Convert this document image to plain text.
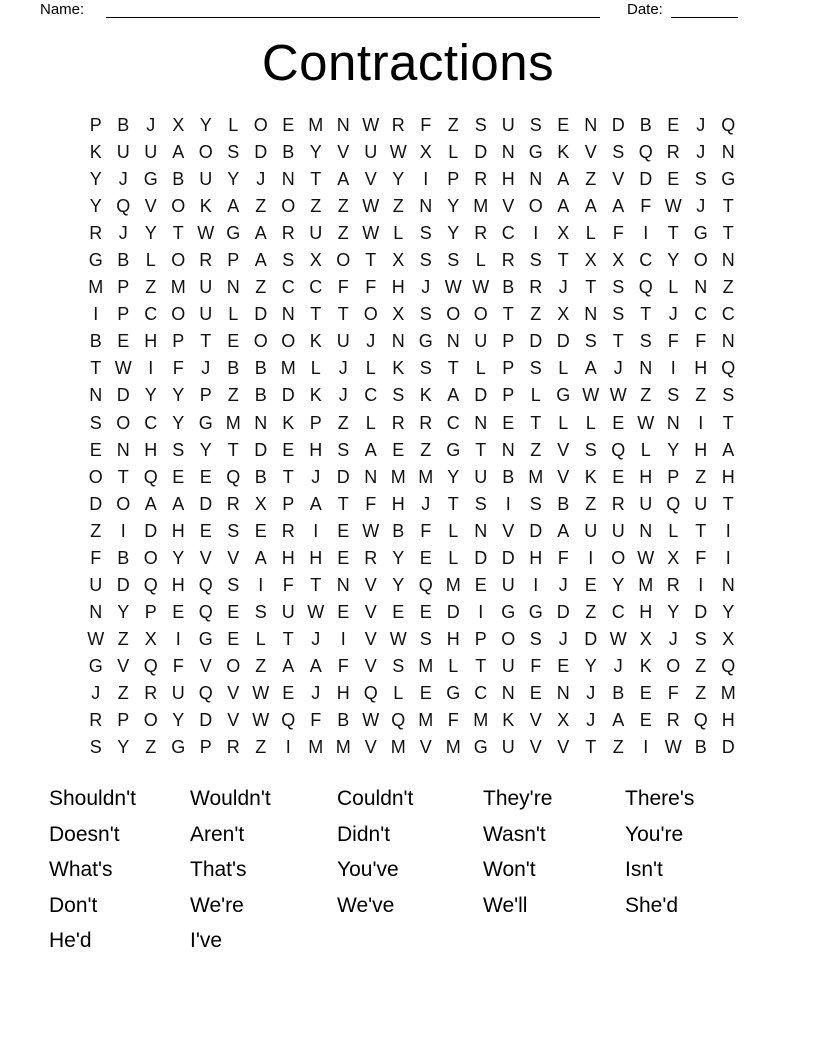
Name:	Date:
Contractions
P B J X Y L O E M N W R F Z S U S E N D B E J Q
K U U A O S D B Y V U W X L D N G K V S Q R J N
Y J G B U Y J N T A V Y	I	P R H N A Z V D E S G
Y Q V O K A Z O Z Z W Z N Y M V O A A A F W J T
R J Y T W G A R U Z W L S Y R C	I	X L F	I	T G T
G B L O R P A S X O T X S S L R S T X X C Y O N
M P Z M U N Z C C F F H J W W B R J T S Q L N Z
I	P C O U L D N T T O X S O O T Z X N S T J C C
B E H P T E O O K U J N G N U P D D S T S F F N
T W I	F J B B M L	J L K S T L P S L A J N	I	H Q
N D Y Y P Z B D K J C S K A D P L G W W Z S Z S
S O C Y G M N K P Z L R R C N E T L L E W N	I	T
E N H S Y T D E H S A E Z G T N Z V S Q L Y H A
O T Q E E Q B T J D N M M Y U B M V K E H P Z H
D O A A D R X P A T F H J T S	I	S B Z R U Q U T
Z	I	D H E S E R	I	E W B F L N V D A U U N L T	I
F B O Y V V A H H E R Y E L D D H F	I O W X F	I
U D Q H Q S	I	F T N V Y Q M E U	I	J E Y M R	I	N
N Y P E Q E S U W E V E E D	I G G D Z C H Y D Y
W Z X	I G E L T J	I	V W S H P O S J D W X J S X
G V Q F V O Z A A F V S M L T U F E Y J K O Z Q
J Z R U Q V W E J H Q L E G C N E N J B E F Z M
R P O Y D V W Q F B W Q M F M K V X J A E R Q H
S Y Z G P R Z	I M M V M V M G U V V T Z	I W B D
Shouldn't
Doesn't
What's
Don't
He'd
Wouldn't
Aren't
That's
We're
I've
Couldn't
Didn't
You've
We've
They're
Wasn't
Won't
We'll
There's
You're
Isn't
She'd
